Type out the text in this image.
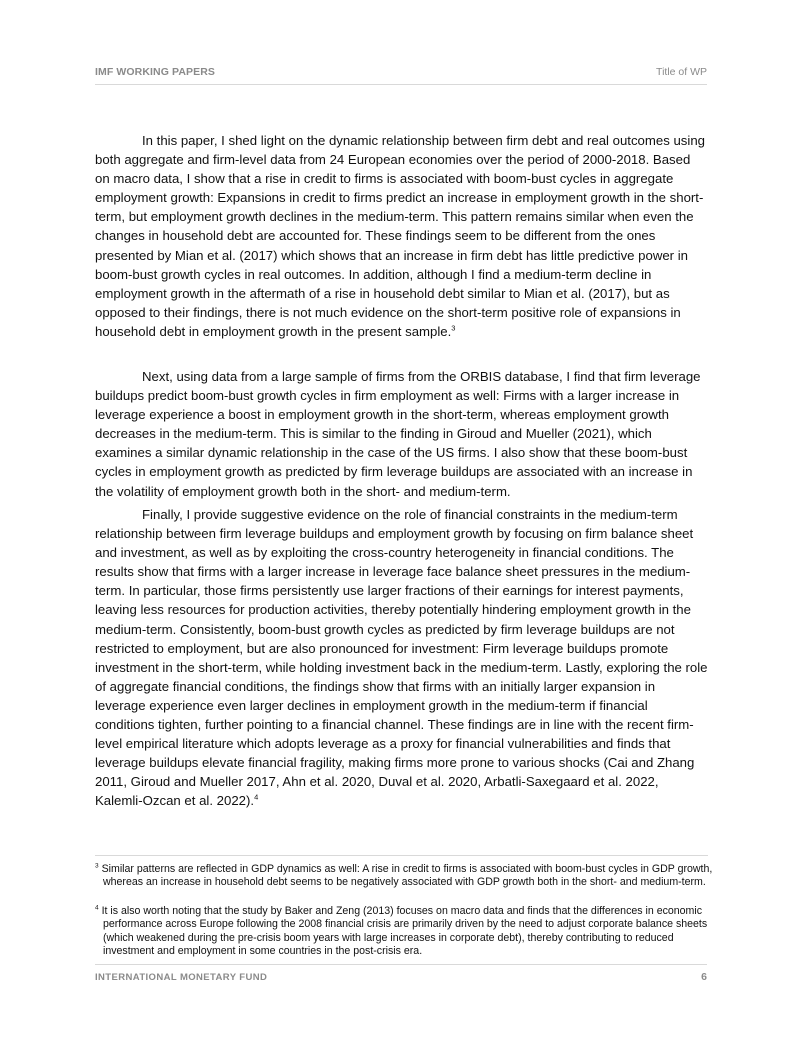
IMF WORKING PAPERS	Title of WP

In this paper, I shed light on the dynamic relationship between firm debt and real outcomes using both aggregate and firm-level data from 24 European economies over the period of 2000-2018. Based on macro data, I show that a rise in credit to firms is associated with boom-bust cycles in aggregate employment growth: Expansions in credit to firms predict an increase in employment growth in the short-term, but employment growth declines in the medium-term. This pattern remains similar when even the changes in household debt are accounted for. These findings seem to be different from the ones presented by Mian et al. (2017) which shows that an increase in firm debt has little predictive power in boom-bust growth cycles in real outcomes. In addition, although I find a medium-term decline in employment growth in the aftermath of a rise in household debt similar to Mian et al. (2017), but as opposed to their findings, there is not much evidence on the short-term positive role of expansions in household debt in employment growth in the present sample.$^3$

Next, using data from a large sample of firms from the ORBIS database, I find that firm leverage buildups predict boom-bust growth cycles in firm employment as well: Firms with a larger increase in leverage experience a boost in employment growth in the short-term, whereas employment growth decreases in the medium-term. This is similar to the finding in Giroud and Mueller (2021), which examines a similar dynamic relationship in the case of the US firms. I also show that these boom-bust cycles in employment growth as predicted by firm leverage buildups are associated with an increase in the volatility of employment growth both in the short- and medium-term.

Finally, I provide suggestive evidence on the role of financial constraints in the medium-term relationship between firm leverage buildups and employment growth by focusing on firm balance sheet and investment, as well as by exploiting the cross-country heterogeneity in financial conditions. The results show that firms with a larger increase in leverage face balance sheet pressures in the medium-term. In particular, those firms persistently use larger fractions of their earnings for interest payments, leaving less resources for production activities, thereby potentially hindering employment growth in the medium-term. Consistently, boom-bust growth cycles as predicted by firm leverage buildups are not restricted to employment, but are also pronounced for investment: Firm leverage buildups promote investment in the short-term, while holding investment back in the medium-term. Lastly, exploring the role of aggregate financial conditions, the findings show that firms with an initially larger expansion in leverage experience even larger declines in employment growth in the medium-term if financial conditions tighten, further pointing to a financial channel. These findings are in line with the recent firm-level empirical literature which adopts leverage as a proxy for financial vulnerabilities and finds that leverage buildups elevate financial fragility, making firms more prone to various shocks (Cai and Zhang 2011, Giroud and Mueller 2017, Ahn et al. 2020, Duval et al. 2020, Arbatli-Saxegaard et al. 2022, Kalemli-Ozcan et al. 2022).$^4$

$^3$ Similar patterns are reflected in GDP dynamics as well: A rise in credit to firms is associated with boom-bust cycles in GDP growth, whereas an increase in household debt seems to be negatively associated with GDP growth both in the short- and medium-term.

$^4$ It is also worth noting that the study by Baker and Zeng (2013) focuses on macro data and finds that the differences in economic performance across Europe following the 2008 financial crisis are primarily driven by the need to adjust corporate balance sheets (which weakened during the pre-crisis boom years with large increases in corporate debt), thereby contributing to reduced investment and employment in some countries in the post-crisis era.

INTERNATIONAL MONETARY FUND	6
